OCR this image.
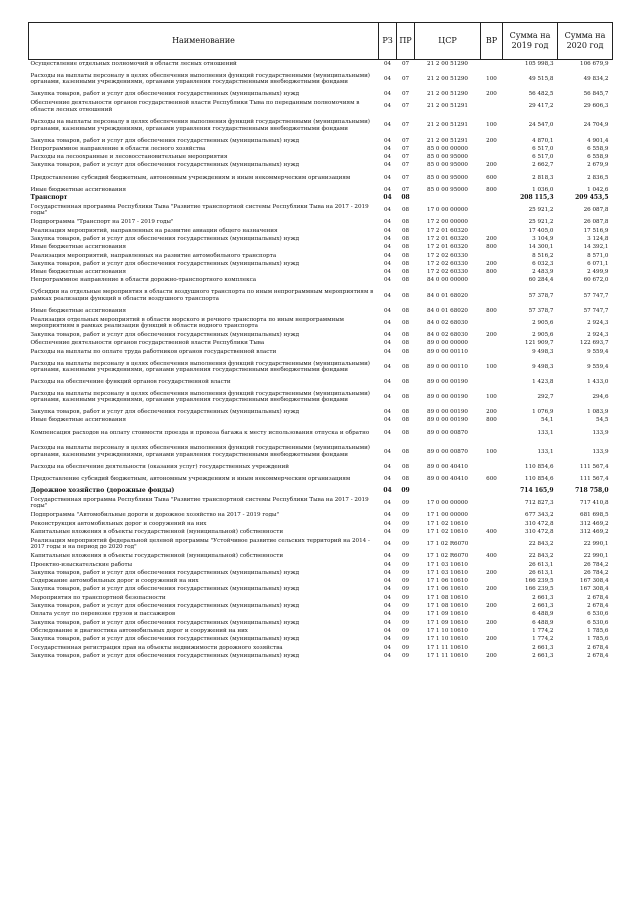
Наименование	РЗ	ПР	ЦСР	ВР	Сумма на 2019 год	Сумма на 2020 год
Осуществление отдельных полномочий в области лесных отношений	04	07	21 2 00 51290		105 998,3	106 679,9
Расходы на выплаты персоналу в целях обеспечения выполнения функций государственными (муниципальными) органами, казенными учреждениями, органами управления государственными внебюджетными фондами	04	07	21 2 00 51290	100	49 515,8	49 834,2
Закупка товаров, работ и услуг для обеспечения государственных (муниципальных) нужд	04	07	21 2 00 51290	200	56 482,5	56 845,7
Обеспечение деятельности органов государственной власти Республики Тыва по переданным полномочиям в области лесных отношений	04	07	21 2 00 51291		29 417,2	29 606,3
Расходы на выплаты персоналу в целях обеспечения выполнения функций государственными (муниципальными) органами, казенными учреждениями, органами управления государственными внебюджетными фондами	04	07	21 2 00 51291	100	24 547,0	24 704,9
Закупка товаров, работ и услуг для обеспечения государственных (муниципальных) нужд	04	07	21 2 00 51291	200	4 870,1	4 901,4
Непрограммное направление в области лесного хозяйства	04	07	85 0 00 00000		6 517,0	6 558,9
Расходы на лесоохранные и лесовосстановительные мероприятия	04	07	85 0 00 95000		6 517,0	6 558,9
Закупка товаров, работ и услуг для обеспечения государственных (муниципальных) нужд	04	07	85 0 00 95000	200	2 662,7	2 679,9
Предоставление субсидий бюджетным, автономным учреждениям и иным некоммерческим организациям	04	07	85 0 00 95000	600	2 818,3	2 836,5
Иные бюджетные ассигнования	04	07	85 0 00 95000	800	1 036,0	1 042,6
Транспорт	04	08			208 115,3	209 453,5
Государственная программа Республики Тыва "Развитие транспортной системы Республики Тыва на 2017 - 2019 годы"	04	08	17 0 00 00000		25 921,2	26 087,8
Подпрограмма "Транспорт на 2017 - 2019 годы"	04	08	17 2 00 00000		25 921,2	26 087,8
Реализация мероприятий, направленных на развитие авиации общего назначения	04	08	17 2 01 60320		17 405,0	17 516,9
Закупка товаров, работ и услуг для обеспечения государственных (муниципальных) нужд	04	08	17 2 01 60320	200	3 104,9	3 124,8
Иные бюджетные ассигнования	04	08	17 2 01 60320	800	14 300,1	14 392,1
Реализация мероприятий, направленных на развитие автомобильного транспорта	04	08	17 2 02 60330		8 516,2	8 571,0
Закупка товаров, работ и услуг для обеспечения государственных (муниципальных) нужд	04	08	17 2 02 60330	200	6 032,3	6 071,1
Иные бюджетные ассигнования	04	08	17 2 02 60330	800	2 483,9	2 499,9
Непрограммное направление в области дорожно-транспортного комплекса	04	08	84 0 00 00000		60 284,4	60 672,0
Субсидии на отдельные мероприятия в области воздушного транспорта по иным непрограммным мероприятиям в рамках реализации функций в области воздушного транспорта	04	08	84 0 01 68020		57 378,7	57 747,7
Иные бюджетные ассигнования	04	08	84 0 01 68020	800	57 378,7	57 747,7
Реализация отдельных мероприятий в области морского и речного транспорта по иным непрограммным мероприятиям в рамках реализации функций в области водного транспорта	04	08	84 0 02 68030		2 905,6	2 924,3
Закупка товаров, работ и услуг для обеспечения государственных (муниципальных) нужд	04	08	84 0 02 68030	200	2 905,6	2 924,3
Обеспечение деятельности органов государственной власти Республики Тыва	04	08	89 0 00 00000		121 909,7	122 693,7
Расходы на выплаты по оплате труда работников органов государственной власти	04	08	89 0 00 00110		9 498,3	9 559,4
Расходы на выплаты персоналу в целях обеспечения выполнения функций государственными (муниципальными) органами, казенными учреждениями, органами управления государственными внебюджетными фондами	04	08	89 0 00 00110	100	9 498,3	9 559,4
Расходы на обеспечение функций органов государственной власти	04	08	89 0 00 00190		1 423,8	1 433,0
Расходы на выплаты персоналу в целях обеспечения выполнения функций государственными (муниципальными) органами, казенными учреждениями, органами управления государственными внебюджетными фондами	04	08	89 0 00 00190	100	292,7	294,6
Закупка товаров, работ и услуг для обеспечения государственных (муниципальных) нужд	04	08	89 0 00 00190	200	1 076,9	1 083,9
Иные бюджетные ассигнования	04	08	89 0 00 00190	800	54,1	54,5
Компенсация расходов на оплату стоимости проезда и провоза багажа к месту использования отпуска и обратно	04	08	89 0 00 00870		133,1	133,9
Расходы на выплаты персоналу в целях обеспечения выполнения функций государственными (муниципальными) органами, казенными учреждениями, органами управления государственными внебюджетными фондами	04	08	89 0 00 00870	100	133,1	133,9
Расходы на обеспечение деятельности (оказания услуг) государственных учреждений	04	08	89 0 00 40410		110 854,6	111 567,4
Предоставление субсидий бюджетным, автономным учреждениям и иным некоммерческим организациям	04	08	89 0 00 40410	600	110 854,6	111 567,4
Дорожное хозяйство (дорожные фонды)	04	09			714 165,9	718 758,0
Государственная программа Республики Тыва "Развитие транспортной системы Республики Тыва на 2017 - 2019 годы"	04	09	17 0 00 00000		712 827,3	717 410,8
Подпрограмма "Автомобильные дороги и дорожное хозяйство на 2017 - 2019 годы"	04	09	17 1 00 00000		677 343,2	681 698,5
Реконструкция автомобильных дорог и сооружений на них	04	09	17 1 02 10610		310 472,8	312 469,2
Капитальные вложения в объекты государственной (муниципальной) собственности	04	09	17 1 02 10610	400	310 472,8	312 469,2
Реализация мероприятий федеральной целевой программы "Устойчивое развитие сельских территорий на 2014 - 2017 годы и на период до 2020 год"	04	09	17 1 02 R6070		22 843,2	22 990,1
Капитальные вложения в объекты государственной (муниципальной) собственности	04	09	17 1 02 R6070	400	22 843,2	22 990,1
Проектно-изыскательские работы	04	09	17 1 03 10610		26 613,1	26 784,2
Закупка товаров, работ и услуг для обеспечения государственных (муниципальных) нужд	04	09	17 1 03 10610	200	26 613,1	26 784,2
Содержание автомобильных дорог и сооружений на них	04	09	17 1 06 10610		166 239,5	167 308,4
Закупка товаров, работ и услуг для обеспечения государственных (муниципальных) нужд	04	09	17 1 06 10610	200	166 239,5	167 308,4
Мероприятия по транспортной безопасности	04	09	17 1 08 10610		2 661,3	2 678,4
Закупка товаров, работ и услуг для обеспечения государственных (муниципальных) нужд	04	09	17 1 08 10610	200	2 661,3	2 678,4
Оплата услуг по перевозке грузов и пассажиров	04	09	17 1 09 10610		6 488,9	6 530,6
Закупка товаров, работ и услуг для обеспечения государственных (муниципальных) нужд	04	09	17 1 09 10610	200	6 488,9	6 530,6
Обследование и диагностика автомобильных дорог и сооружений на них	04	09	17 1 10 10610		1 774,2	1 785,6
Закупка товаров, работ и услуг для обеспечения государственных (муниципальных) нужд	04	09	17 1 10 10610	200	1 774,2	1 785,6
Государственная регистрация прав на объекты недвижимости дорожного хозяйства	04	09	17 1 11 10610		2 661,3	2 678,4
Закупка товаров, работ и услуг для обеспечения государственных (муниципальных) нужд	04	09	17 1 11 10610	200	2 661,3	2 678,4
